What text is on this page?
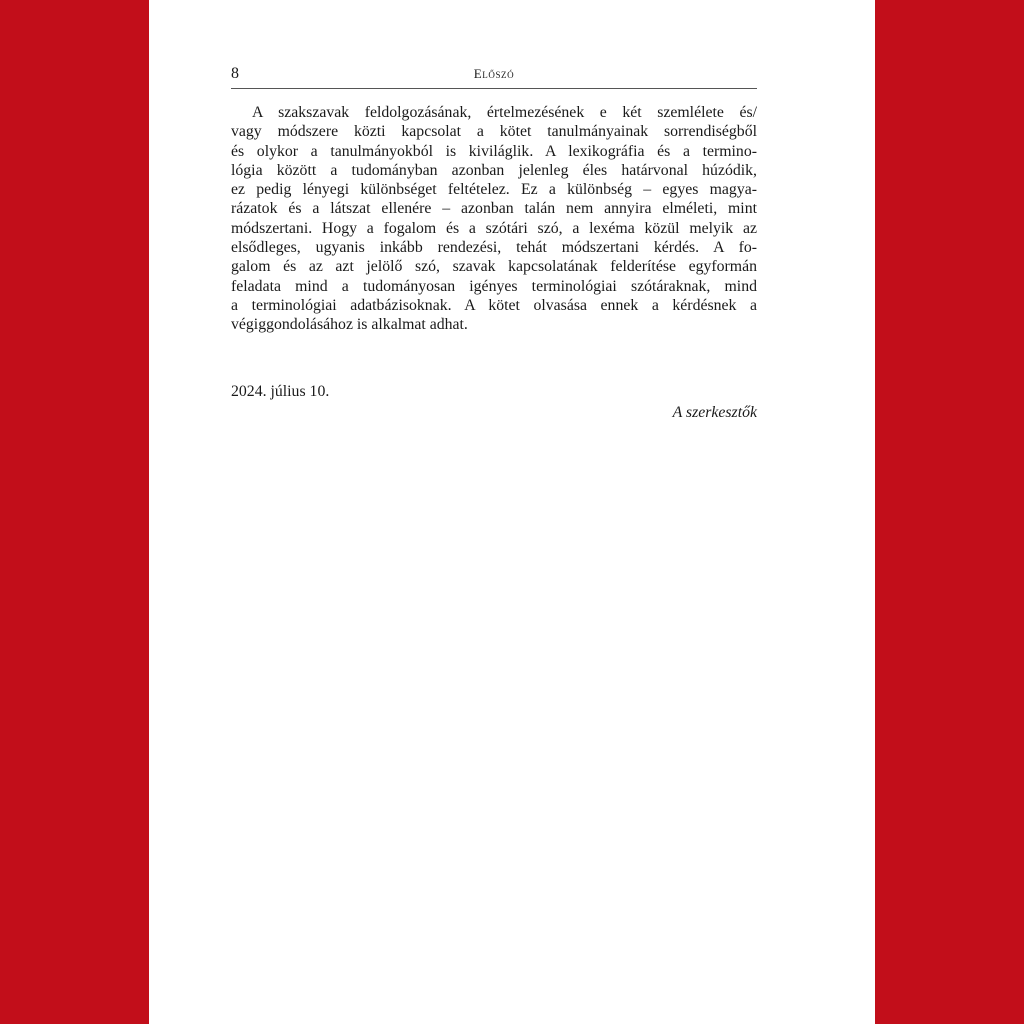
8	Előszó

A szakszavak feldolgozásának, értelmezésének e két szemlélete és/
vagy módszere közti kapcsolat a kötet tanulmányainak sorrendiségből
és olykor a tanulmányokból is kiviláglik. A lexikográfia és a termino-
lógia között a tudományban azonban jelenleg éles határvonal húzódik,
ez pedig lényegi különbséget feltételez. Ez a különbség – egyes magya-
rázatok és a látszat ellenére – azonban talán nem annyira elméleti, mint
módszertani. Hogy a fogalom és a szótári szó, a lexéma közül melyik az
elsődleges, ugyanis inkább rendezési, tehát módszertani kérdés. A fo-
galom és az azt jelölő szó, szavak kapcsolatának felderítése egyformán
feladata mind a tudományosan igényes terminológiai szótáraknak, mind
a terminológiai adatbázisoknak. A kötet olvasása ennek a kérdésnek a
végiggondolásához is alkalmat adhat.

2024. július 10.
A szerkesztők
